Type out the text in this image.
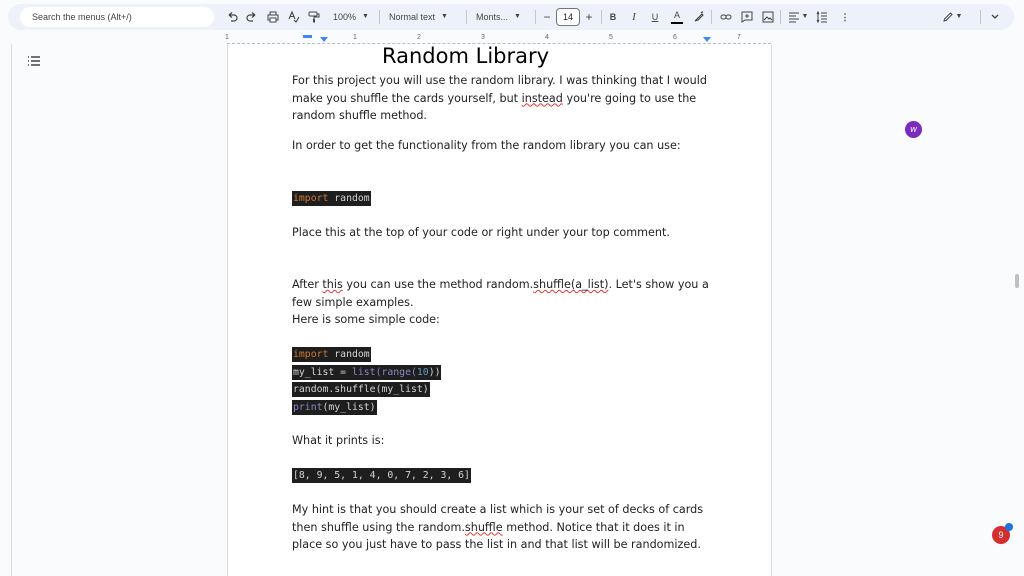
Search the menus (Alt+/)	100% ▼ Normal text ▼	Monts... ▼ −	14	+ B I	U	A	▼	⋮	▼
1	1	2	3	4	5	6	7
Random Library

For this project you will use the random library. I was thinking that I would make you shuffle the cards yourself, but instead you're going to use the random shuffle method.

In order to get the functionality from the random library you can use:

import random

Place this at the top of your code or right under your top comment.

After this you can use the method random.shuffle(a_list). Let's show you a few simple examples.

Here is some simple code:

import random
my_list = list(range(10))
random.shuffle(my_list)
print(my_list)

What it prints is:

[8, 9, 5, 1, 4, 0, 7, 2, 3, 6]

My hint is that you should create a list which is your set of decks of cards then shuffle using the random.shuffle method. Notice that it does it in place so you just have to pass the list in and that list will be randomized.

w
9
